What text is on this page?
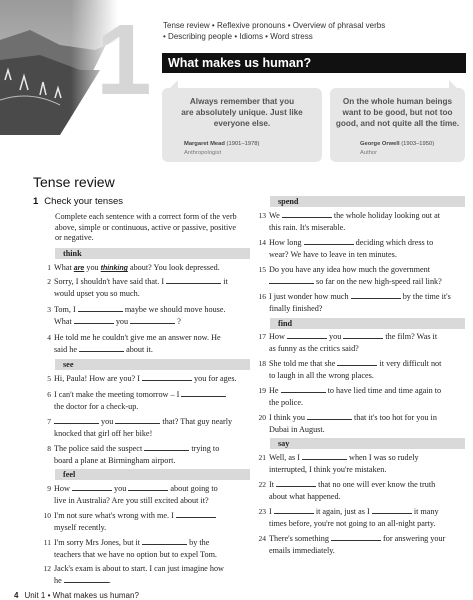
1 Tense review • Reflexive pronouns • Overview of phrasal verbs
• Describing people • Idioms • Word stress
What makes us human?
Always remember that you
are absolutely unique. Just like
everyone else.
Margaret Mead (1901–1978)
Anthropologist
On the whole human beings
want to be good, but not too
good, and not quite all the time.
George Orwell (1903–1950)
Author
Tense review
1 Check your tenses
Complete each sentence with a correct form of the verb
above, simple or continuous, active or passive, positive
or negative.
think
1 What are you thinking about? You look depressed.
2 Sorry, I shouldn't have said that. I	it
would upset you so much.
3 Tom, I	maybe we should move house.
What	you	?
4 He told me he couldn't give me an answer now. He
said he	about it.
see
5 Hi, Paula! How are you? I	you for ages.
6 I can't make the meeting tomorrow – I
the doctor for a check-up.
7	you	that? That guy nearly
knocked that girl off her bike!
8 The police said the suspect	trying to
board a plane at Birmingham airport.
feel
9 How	you	about going to
live in Australia? Are you still excited about it?
10 I'm not sure what's wrong with me. I
myself recently.
11 I'm sorry Mrs Jones, but it	by the
teachers that we have no option but to expel Tom.
12 Jack's exam is about to start. I can just imagine how
he	.
spend
13 We	the whole holiday looking out at
this rain. It's miserable.
14 How long	deciding which dress to
wear? We have to leave in ten minutes.
15 Do you have any idea how much the government
so far on the new high-speed rail link?
16 I just wonder how much	by the time it's
finally finished?
find
17 How	you	the film? Was it
as funny as the critics said?
18 She told me that she	it very difficult not
to laugh in all the wrong places.
19 He	to have lied time and time again to
the police.
20 I think you	that it's too hot for you in
Dubai in August.
say
21 Well, as I	when I was so rudely
interrupted, I think you're mistaken.
22 It	that no one will ever know the truth
about what happened.
23 I	it again, just as I	it many
times before, you're not going to an all-night party.
24 There's something	for answering your
emails immediately.
4 Unit 1 • What makes us human?
